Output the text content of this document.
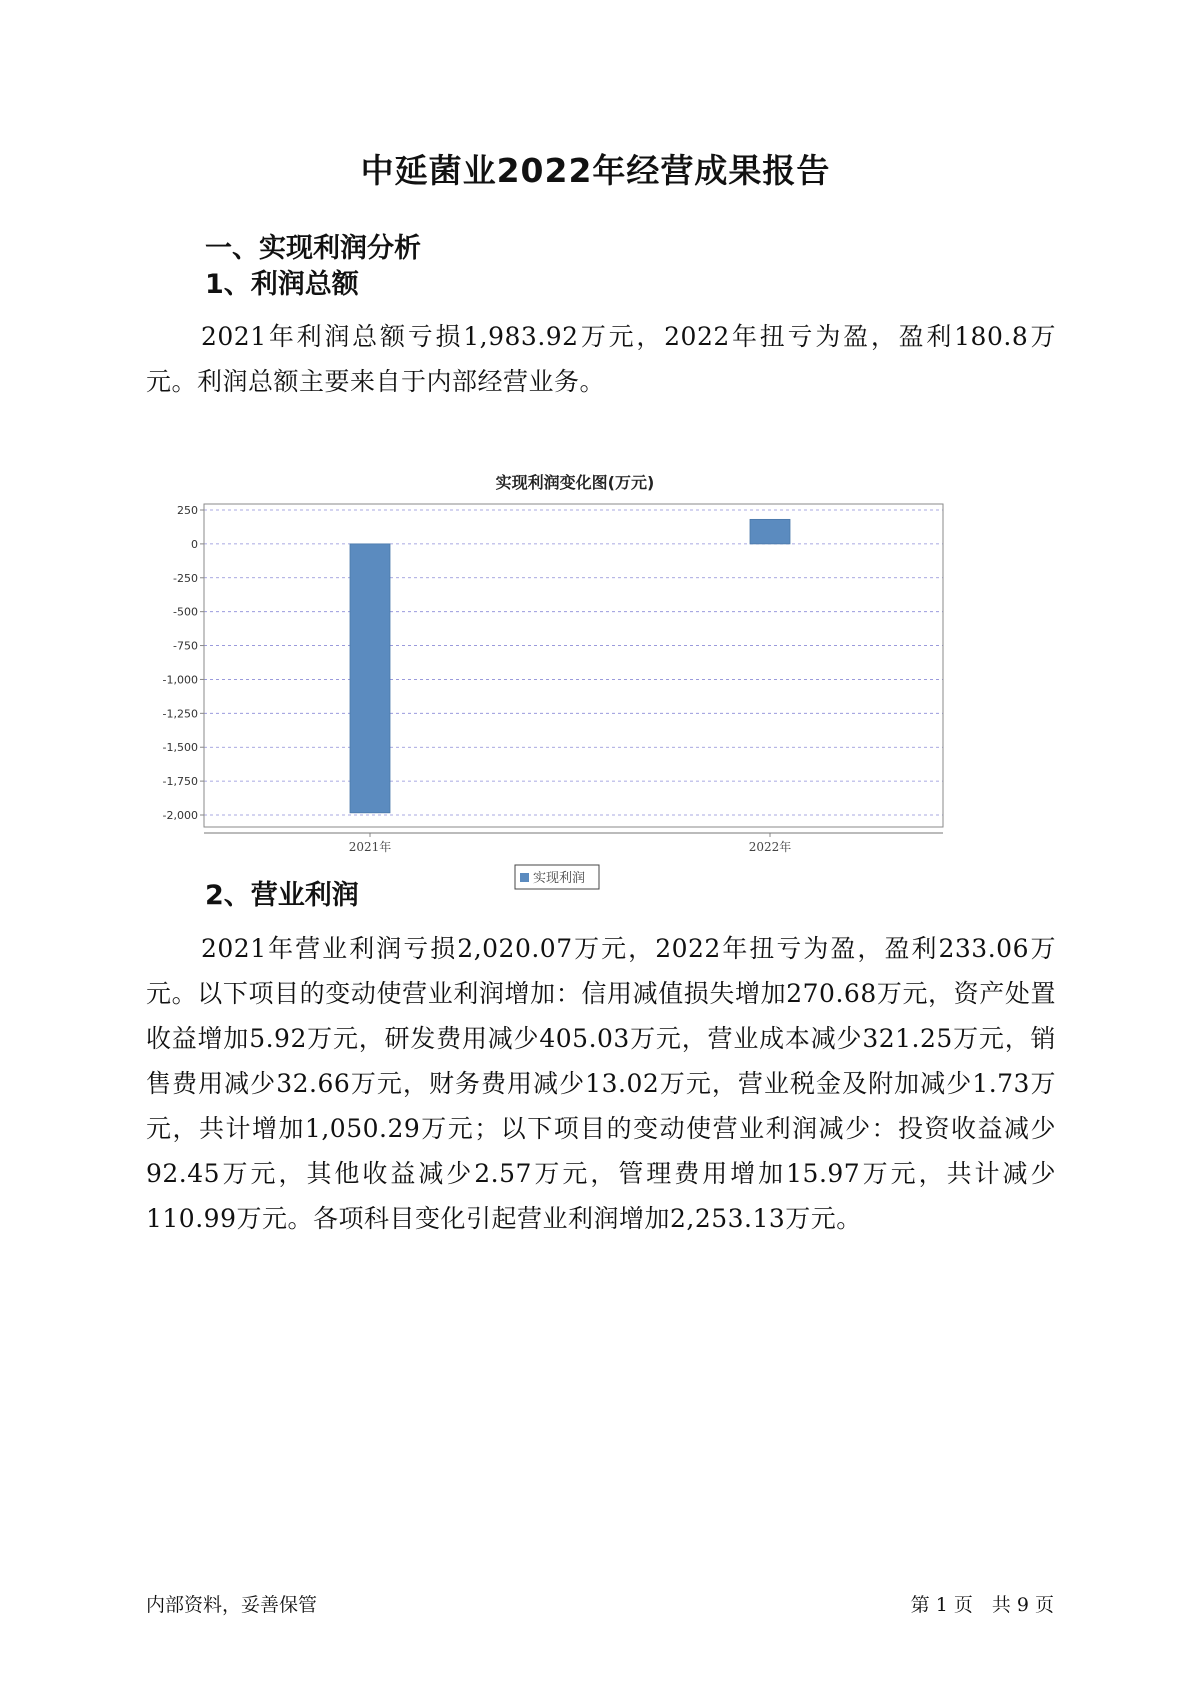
中延菌业2022年经营成果报告
一、实现利润分析
1、利润总额
2021年利润总额亏损1,983.92万元，2022年扭亏为盈，盈利180.8万元。利润总额主要来自于内部经营业务。
实现利润变化图(万元)
250
0
-250
-500
-750
-1,000
-1,250
-1,500
-1,750
-2,000
2021年	2022年
实现利润
2、营业利润
2021年营业利润亏损2,020.07万元，2022年扭亏为盈，盈利233.06万元。以下项目的变动使营业利润增加：信用减值损失增加270.68万元，资产处置收益增加5.92万元，研发费用减少405.03万元，营业成本减少321.25万元，销售费用减少32.66万元，财务费用减少13.02万元，营业税金及附加减少1.73万元，共计增加1,050.29万元；以下项目的变动使营业利润减少：投资收益减少92.45万元，其他收益减少2.57万元，管理费用增加15.97万元，共计减少110.99万元。各项科目变化引起营业利润增加2,253.13万元。
内部资料，妥善保管	第 1 页　共 9 页
